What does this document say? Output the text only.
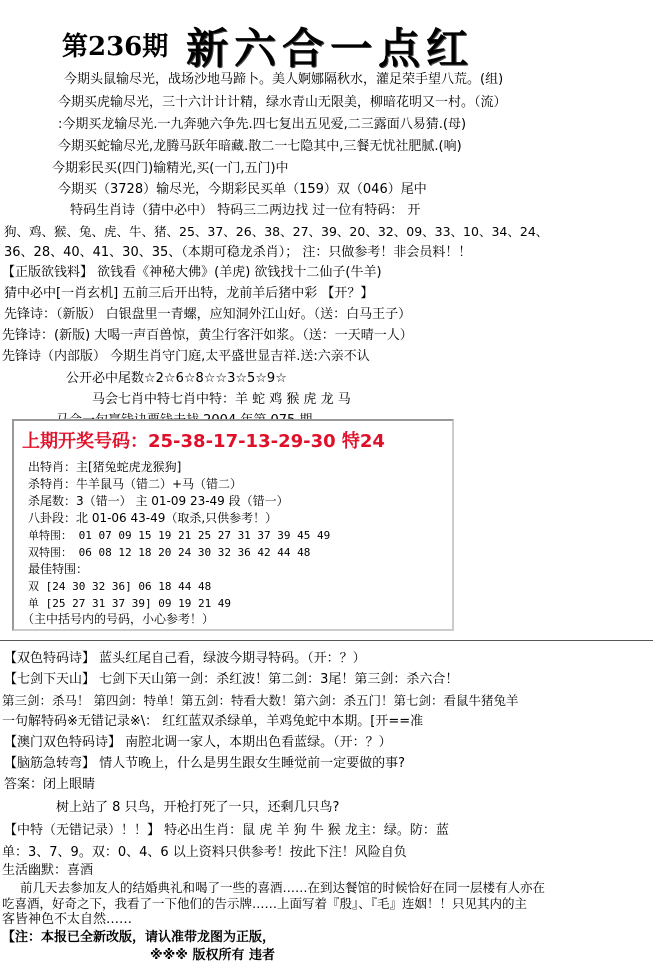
第236期 新六合一点红
今期头鼠输尽光，战场沙地马蹄卜。美人婀娜隔秋水，灌足荣手望八荒。(组)
今期买虎输尽光，三十六计计计精，绿水青山无限美，柳暗花明又一村。（流）
:今期买龙输尽光.一九奔驰六争先.四七复出五见爱,二三露面八易猜.(母)
今期买蛇输尽光,龙腾马跃年暗藏.散二一七隐其中,三餐无忧社肥腻.(响)
今期彩民买(四门)输精光,买(一门,五门)中
今期买（3728）输尽光，今期彩民买单（159）双（046）尾中
特码生肖诗（猜中必中） 特码三二两边找 过一位有特码： 开
狗、鸡、猴、兔、虎、牛、猪、25、37、26、38、27、39、20、32、09、33、10、34、24、
36、28、40、41、30、35、（本期可稳龙杀肖）； 注：只做参考！非会员料！！
【正版欲钱料】 欲钱看《神秘大佛》(羊虎) 欲钱找十二仙子(牛羊)
猜中必中[一肖玄机] 五前三后开出特，龙前羊后猪中彩 【开？】
先锋诗：（新版） 白银盘里一青螺，应知洞外江山好。（送：白马王子）
先锋诗：(新版) 大喝一声百兽惊，黄尘行客汗如浆。（送：一天晴一人）
先锋诗（内部版） 今期生肖守门庭,太平盛世显吉祥.送:六亲不认
公开必中尾数☆2☆6☆8☆☆3☆5☆9☆
马会七肖中特七肖中特：羊 蛇 鸡 猴 虎 龙 马
上期开奖号码：25-38-17-13-29-30 特24
出特肖：主[猪兔蛇虎龙猴狗]
杀特肖：牛羊鼠马（错二）+马（错二）
杀尾数：3（错一） 主 01-09 23-49 段（错一）
八卦段：北 01-06 43-49（取杀,只供参考！）
单特围： 01 07 09 15 19 21 25 27 31 37 39 45 49
双特围： 06 08 12 18 20 24 30 32 36 42 44 48
最佳特围：
双 [24 30 32 36] 06 18 44 48
单 [25 27 31 37 39] 09 19 21 49
（主中括号内的号码，小心参考！）
【双色特码诗】 蓝头红尾自己看，绿波今期寻特码。（开：？）
【七剑下天山】 七剑下天山第一剑：杀红波！第二剑：3尾！第三剑：杀六合！
第三剑：杀马！ 第四剑：特单！第五剑：特看大数！第六剑：杀五门！第七剑：看鼠牛猪兔羊
一句解特码※无错记录※\： 红红蓝双杀绿单，羊鸡兔蛇中本期。[开==准
【澳门双色特码诗】 南腔北调一家人，本期出色看蓝绿。（开：？）
【脑筋急转弯】 情人节晚上，什么是男生跟女生睡觉前一定要做的事?
答案：闭上眼睛
树上站了 8 只鸟，开枪打死了一只，还剩几只鸟?
【中特（无错记录）！！】 特必出生肖：鼠 虎 羊 狗 牛 猴 龙主：绿。防：蓝
单：3、7、9。双：0、4、6 以上资料只供参考！按此下注！风险自负
生活幽默：喜酒
前几天去参加友人的结婚典礼和喝了一些的喜酒……在到达餐馆的时候恰好在同一层楼有人亦在
吃喜酒，好奇之下，我看了一下他们的告示牌……上面写着『殷』、『毛』连姻！！只见其内的主
客皆神色不太自然……
【注：本报已全新改版，请认准带龙图为正版，
※※※ 版权所有 违者
